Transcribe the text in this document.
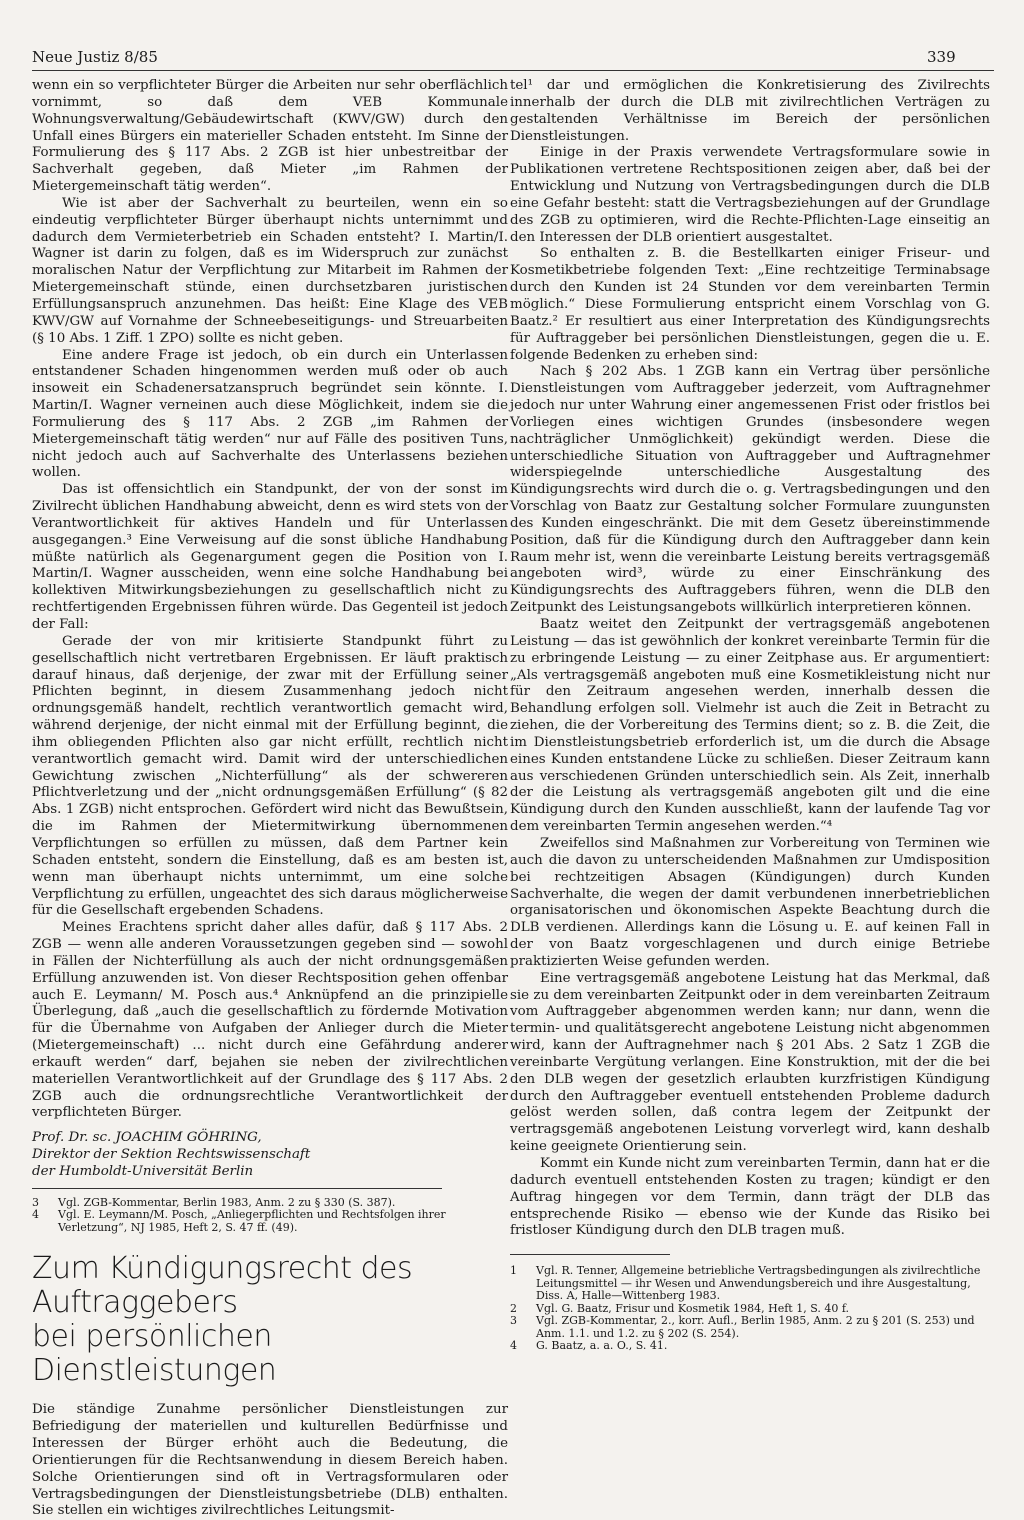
Neue Justiz 8/85	339

wenn ein so verpflichteter Bürger die Arbeiten nur sehr oberflächlich vornimmt, so daß dem VEB Kommunale Wohnungsverwaltung/Gebäudewirtschaft (KWV/GW) durch den Unfall eines Bürgers ein materieller Schaden entsteht. Im Sinne der Formulierung des § 117 Abs. 2 ZGB ist hier unbestreitbar der Sachverhalt gegeben, daß Mieter „im Rahmen der Mietergemeinschaft tätig werden“.

Wie ist aber der Sachverhalt zu beurteilen, wenn ein so eindeutig verpflichteter Bürger überhaupt nichts unternimmt und dadurch dem Vermieterbetrieb ein Schaden entsteht? I. Martin/I. Wagner ist darin zu folgen, daß es im Widerspruch zur zunächst moralischen Natur der Verpflichtung zur Mitarbeit im Rahmen der Mietergemeinschaft stünde, einen durchsetzbaren juristischen Erfüllungsanspruch anzunehmen. Das heißt: Eine Klage des VEB KWV/GW auf Vornahme der Schneebeseitigungs- und Streuarbeiten (§ 10 Abs. 1 Ziff. 1 ZPO) sollte es nicht geben.

Eine andere Frage ist jedoch, ob ein durch ein Unterlassen entstandener Schaden hingenommen werden muß oder ob auch insoweit ein Schadenersatzanspruch begründet sein könnte. I. Martin/I. Wagner verneinen auch diese Möglichkeit, indem sie die Formulierung des § 117 Abs. 2 ZGB „im Rahmen der Mietergemeinschaft tätig werden“ nur auf Fälle des positiven Tuns, nicht jedoch auch auf Sachverhalte des Unterlassens beziehen wollen.

Das ist offensichtlich ein Standpunkt, der von der sonst im Zivilrecht üblichen Handhabung abweicht, denn es wird stets von der Verantwortlichkeit für aktives Handeln und für Unterlassen ausgegangen.³ Eine Verweisung auf die sonst übliche Handhabung müßte natürlich als Gegenargument gegen die Position von I. Martin/I. Wagner ausscheiden, wenn eine solche Handhabung bei kollektiven Mitwirkungsbeziehungen zu gesellschaftlich nicht zu rechtfertigenden Ergebnissen führen würde. Das Gegenteil ist jedoch der Fall:

Gerade der von mir kritisierte Standpunkt führt zu gesellschaftlich nicht vertretbaren Ergebnissen. Er läuft praktisch darauf hinaus, daß derjenige, der zwar mit der Erfüllung seiner Pflichten beginnt, in diesem Zusammenhang jedoch nicht ordnungsgemäß handelt, rechtlich verantwortlich gemacht wird, während derjenige, der nicht einmal mit der Erfüllung beginnt, die ihm obliegenden Pflichten also gar nicht erfüllt, rechtlich nicht verantwortlich gemacht wird. Damit wird der unterschiedlichen Gewichtung zwischen „Nichterfüllung“ als der schwereren Pflichtverletzung und der „nicht ordnungsgemäßen Erfüllung“ (§ 82 Abs. 1 ZGB) nicht entsprochen. Gefördert wird nicht das Bewußtsein, die im Rahmen der Mietermitwirkung übernommenen Verpflichtungen so erfüllen zu müssen, daß dem Partner kein Schaden entsteht, sondern die Einstellung, daß es am besten ist, wenn man überhaupt nichts unternimmt, um eine solche Verpflichtung zu erfüllen, ungeachtet des sich daraus möglicherweise für die Gesellschaft ergebenden Schadens.

Meines Erachtens spricht daher alles dafür, daß § 117 Abs. 2 ZGB — wenn alle anderen Voraussetzungen gegeben sind — sowohl in Fällen der Nichterfüllung als auch der nicht ordnungsgemäßen Erfüllung anzuwenden ist. Von dieser Rechtsposition gehen offenbar auch E. Leymann/ M. Posch aus.⁴ Anknüpfend an die prinzipielle Überlegung, daß „auch die gesellschaftlich zu fördernde Motivation für die Übernahme von Aufgaben der Anlieger durch die Mieter (Mietergemeinschaft) ... nicht durch eine Gefährdung anderer erkauft werden“ darf, bejahen sie neben der zivilrechtlichen materiellen Verantwortlichkeit auf der Grundlage des § 117 Abs. 2 ZGB auch die ordnungsrechtliche Verantwortlichkeit der verpflichteten Bürger.

Prof. Dr. sc. JOACHIM GÖHRING,
Direktor der Sektion Rechtswissenschaft
der Humboldt-Universität Berlin
3	Vgl. ZGB-Kommentar, Berlin 1983, Anm. 2 zu § 330 (S. 387).
4	Vgl. E. Leymann/M. Posch, „Anliegerpflichten und Rechtsfolgen ihrer Verletzung“, NJ 1985, Heft 2, S. 47 ff. (49).
Zum Kündigungsrecht des Auftraggebers
bei persönlichen Dienstleistungen

Die ständige Zunahme persönlicher Dienstleistungen zur Befriedigung der materiellen und kulturellen Bedürfnisse und Interessen der Bürger erhöht auch die Bedeutung, die Orientierungen für die Rechtsanwendung in diesem Bereich haben. Solche Orientierungen sind oft in Vertragsformularen oder Vertragsbedingungen der Dienstleistungsbetriebe (DLB) enthalten. Sie stellen ein wichtiges zivilrechtliches Leitungsmit-

tel¹ dar und ermöglichen die Konkretisierung des Zivilrechts innerhalb der durch die DLB mit zivilrechtlichen Verträgen zu gestaltenden Verhältnisse im Bereich der persönlichen Dienstleistungen.

Einige in der Praxis verwendete Vertragsformulare sowie in Publikationen vertretene Rechtspositionen zeigen aber, daß bei der Entwicklung und Nutzung von Vertragsbedingungen durch die DLB eine Gefahr besteht: statt die Vertragsbeziehungen auf der Grundlage des ZGB zu optimieren, wird die Rechte-Pflichten-Lage einseitig an den Interessen der DLB orientiert ausgestaltet.

So enthalten z. B. die Bestellkarten einiger Friseur- und Kosmetikbetriebe folgenden Text: „Eine rechtzeitige Terminabsage durch den Kunden ist 24 Stunden vor dem vereinbarten Termin möglich.“ Diese Formulierung entspricht einem Vorschlag von G. Baatz.² Er resultiert aus einer Interpretation des Kündigungsrechts für Auftraggeber bei persönlichen Dienstleistungen, gegen die u. E. folgende Bedenken zu erheben sind:

Nach § 202 Abs. 1 ZGB kann ein Vertrag über persönliche Dienstleistungen vom Auftraggeber jederzeit, vom Auftragnehmer jedoch nur unter Wahrung einer angemessenen Frist oder fristlos bei Vorliegen eines wichtigen Grundes (insbesondere wegen nachträglicher Unmöglichkeit) gekündigt werden. Diese die unterschiedliche Situation von Auftraggeber und Auftragnehmer widerspiegelnde unterschiedliche Ausgestaltung des Kündigungsrechts wird durch die o. g. Vertragsbedingungen und den Vorschlag von Baatz zur Gestaltung solcher Formulare zuungunsten des Kunden eingeschränkt. Die mit dem Gesetz übereinstimmende Position, daß für die Kündigung durch den Auftraggeber dann kein Raum mehr ist, wenn die vereinbarte Leistung bereits vertragsgemäß angeboten wird³, würde zu einer Einschränkung des Kündigungsrechts des Auftraggebers führen, wenn die DLB den Zeitpunkt des Leistungsangebots willkürlich interpretieren können.

Baatz weitet den Zeitpunkt der vertragsgemäß angebotenen Leistung — das ist gewöhnlich der konkret vereinbarte Termin für die zu erbringende Leistung — zu einer Zeitphase aus. Er argumentiert: „Als vertragsgemäß angeboten muß eine Kosmetikleistung nicht nur für den Zeitraum angesehen werden, innerhalb dessen die Behandlung erfolgen soll. Vielmehr ist auch die Zeit in Betracht zu ziehen, die der Vorbereitung des Termins dient; so z. B. die Zeit, die im Dienstleistungsbetrieb erforderlich ist, um die durch die Absage eines Kunden entstandene Lücke zu schließen. Dieser Zeitraum kann aus verschiedenen Gründen unterschiedlich sein. Als Zeit, innerhalb der die Leistung als vertragsgemäß angeboten gilt und die eine Kündigung durch den Kunden ausschließt, kann der laufende Tag vor dem vereinbarten Termin angesehen werden.“⁴

Zweifellos sind Maßnahmen zur Vorbereitung von Terminen wie auch die davon zu unterscheidenden Maßnahmen zur Umdisposition bei rechtzeitigen Absagen (Kündigungen) durch Kunden Sachverhalte, die wegen der damit verbundenen innerbetrieblichen organisatorischen und ökonomischen Aspekte Beachtung durch die DLB verdienen. Allerdings kann die Lösung u. E. auf keinen Fall in der von Baatz vorgeschlagenen und durch einige Betriebe praktizierten Weise gefunden werden.

Eine vertragsgemäß angebotene Leistung hat das Merkmal, daß sie zu dem vereinbarten Zeitpunkt oder in dem vereinbarten Zeitraum vom Auftraggeber abgenommen werden kann; nur dann, wenn die termin- und qualitätsgerecht angebotene Leistung nicht abgenommen wird, kann der Auftragnehmer nach § 201 Abs. 2 Satz 1 ZGB die vereinbarte Vergütung verlangen. Eine Konstruktion, mit der die bei den DLB wegen der gesetzlich erlaubten kurzfristigen Kündigung durch den Auftraggeber eventuell entstehenden Probleme dadurch gelöst werden sollen, daß contra legem der Zeitpunkt der vertragsgemäß angebotenen Leistung vorverlegt wird, kann deshalb keine geeignete Orientierung sein.

Kommt ein Kunde nicht zum vereinbarten Termin, dann hat er die dadurch eventuell entstehenden Kosten zu tragen; kündigt er den Auftrag hingegen vor dem Termin, dann trägt der DLB das entsprechende Risiko — ebenso wie der Kunde das Risiko bei fristloser Kündigung durch den DLB tragen muß.

1	Vgl. R. Tenner, Allgemeine betriebliche Vertragsbedingungen als zivilrechtliche Leitungsmittel — ihr Wesen und Anwendungsbereich und ihre Ausgestaltung, Diss. A, Halle—Wittenberg 1983.
2	Vgl. G. Baatz, Frisur und Kosmetik 1984, Heft 1, S. 40 f.
3	Vgl. ZGB-Kommentar, 2., korr. Aufl., Berlin 1985, Anm. 2 zu § 201 (S. 253) und Anm. 1.1. und 1.2. zu § 202 (S. 254).
4	G. Baatz, a. a. O., S. 41.
